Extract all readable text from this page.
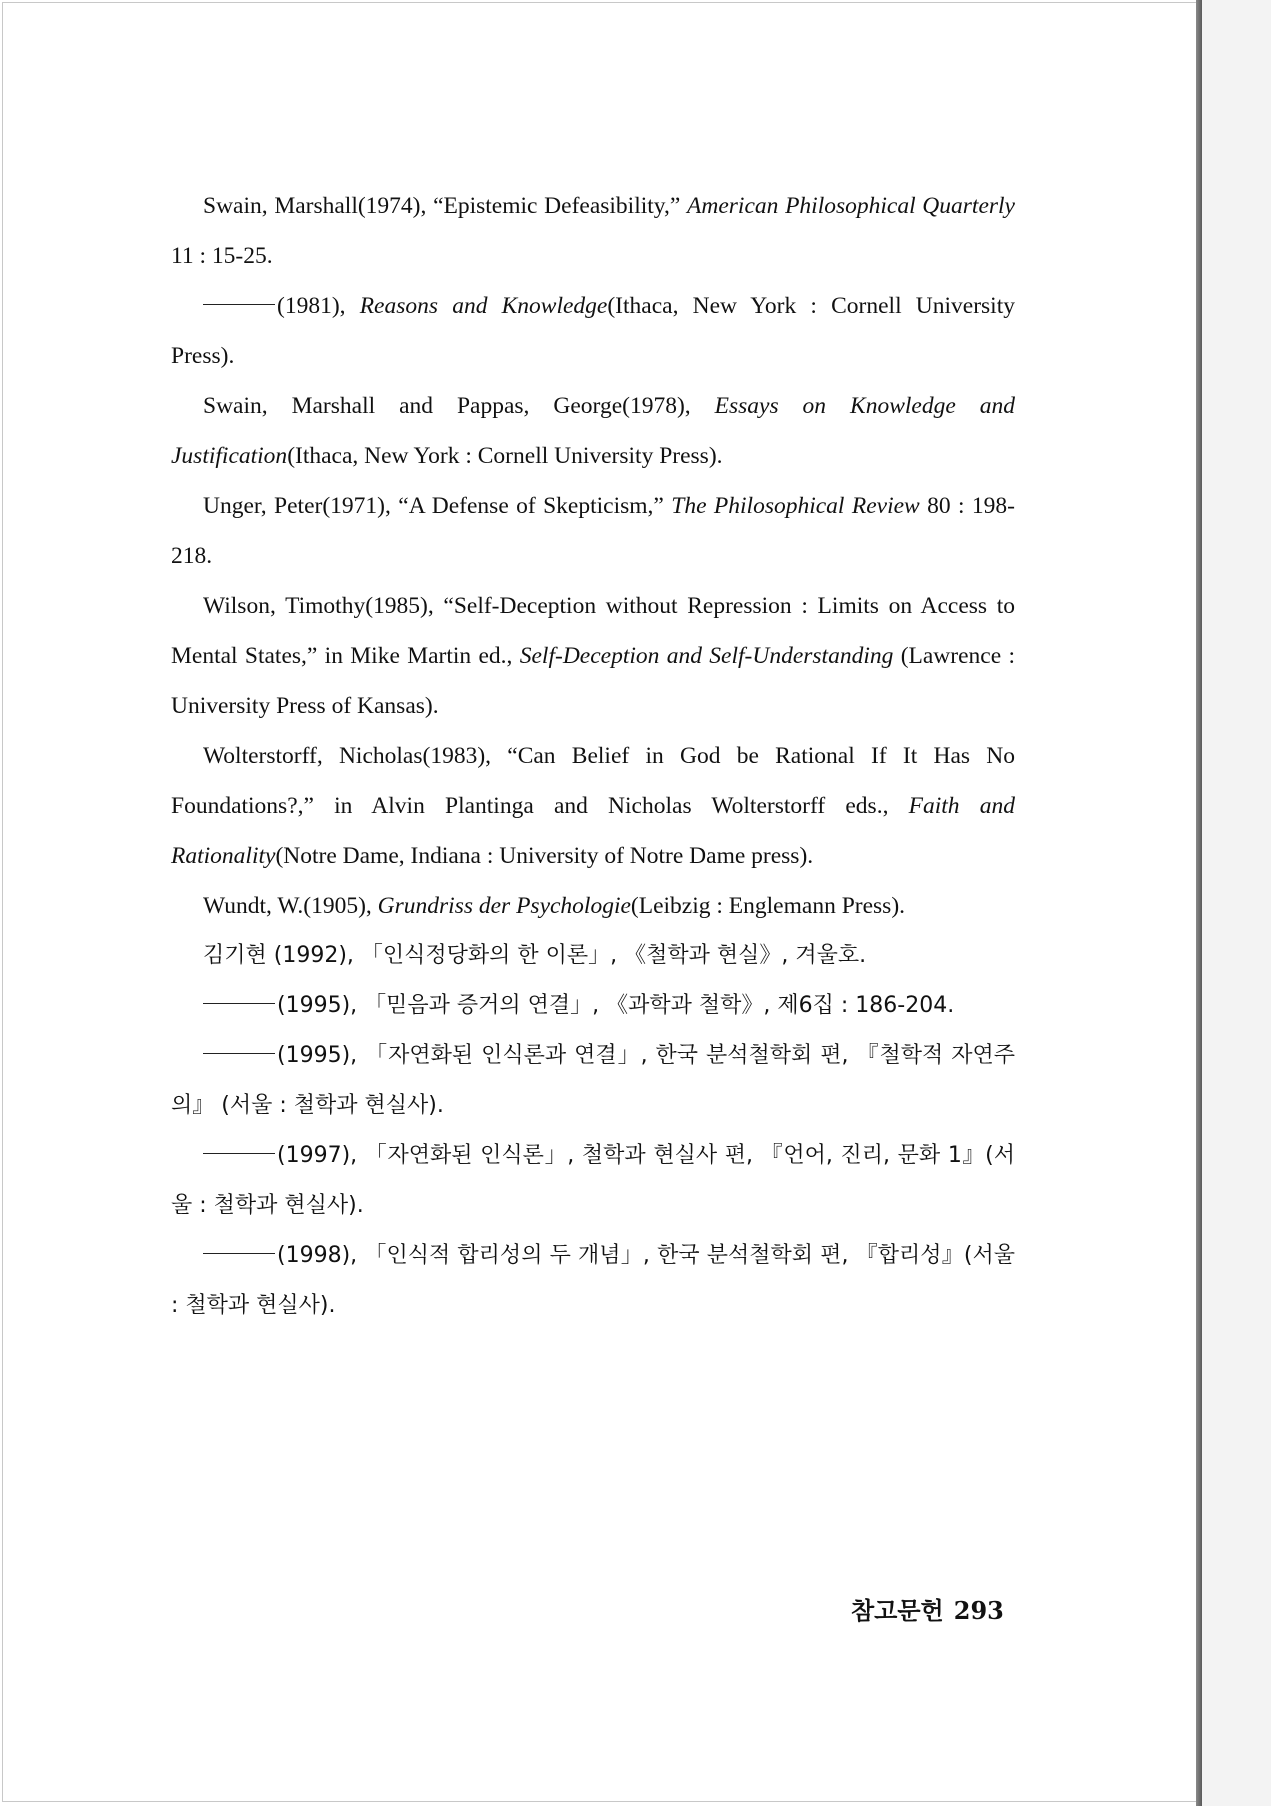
Swain, Marshall(1974), “Epistemic Defeasibility,” American Philosophical Quarterly 11 : 15-25.

(1981), Reasons and Knowledge(Ithaca, New York : Cornell University Press).

Swain, Marshall and Pappas, George(1978), Essays on Knowledge and Justification(Ithaca, New York : Cornell University Press).

Unger, Peter(1971), “A Defense of Skepticism,” The Philosophical Review 80 : 198-218.

Wilson, Timothy(1985), “Self-Deception without Repression : Limits on Access to Mental States,” in Mike Martin ed., Self-Deception and Self-Understanding (Lawrence : University Press of Kansas).

Wolterstorff, Nicholas(1983), “Can Belief in God be Rational If It Has No Foundations?,” in Alvin Plantinga and Nicholas Wolterstorff eds., Faith and Rationality(Notre Dame, Indiana : University of Notre Dame press).

Wundt, W.(1905), Grundriss der Psychologie(Leibzig : Englemann Press).

김기현 (1992), 「인식정당화의 한 이론」, 《철학과 현실》, 겨울호.

(1995), 「믿음과 증거의 연결」, 《과학과 철학》, 제6집 : 186-204.

(1995), 「자연화된 인식론과 연결」, 한국 분석철학회 편, 『철학적 자연주의』 (서울 : 철학과 현실사).

(1997), 「자연화된 인식론」, 철학과 현실사 편, 『언어, 진리, 문화 1』(서울 : 철학과 현실사).

(1998), 「인식적 합리성의 두 개념」, 한국 분석철학회 편, 『합리성』(서울 : 철학과 현실사).

참고문헌 293
